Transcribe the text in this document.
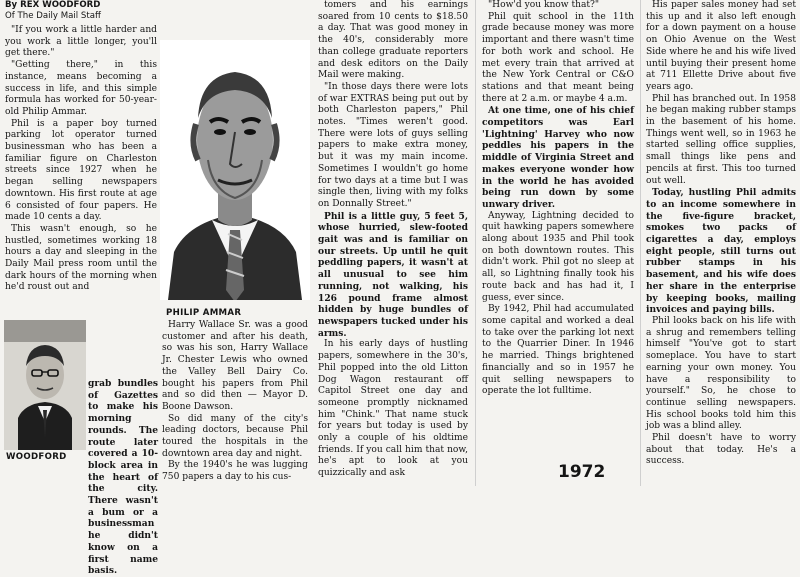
By REX WOODFORD
Of The Daily Mail Staff

"If you work a little harder and you work a little longer, you'll get there."

"Getting there," in this instance, means becoming a success in life, and this simple formula has worked for 50-year-old Philip Ammar.

Phil is a paper boy turned parking lot operator turned businessman who has been a familiar figure on Charleston streets since 1927 when he began selling newspapers downtown. His first route at age 6 consisted of four papers. He made 10 cents a day.

This wasn't enough, so he hustled, sometimes working 18 hours a day and sleeping in the Daily Mail press room until the dark hours of the morning when he'd roust out and

WOODFORD

grab bundles of Gazettes to make his morning rounds. The route later covered a 10-block area in the heart of the city. There wasn't a bum or a businessman he didn't know on a first name basis.

PHILIP AMMAR

Harry Wallace Sr. was a good customer and after his death, so was his son, Harry Wallace Jr. Chester Lewis who owned the Valley Bell Dairy Co. bought his papers from Phil and so did then — Mayor D. Boone Dawson.

So did many of the city's leading doctors, because Phil toured the hospitals in the downtown area day and night.

By the 1940's he was lugging 750 papers a day to his cus-

tomers and his earnings soared from 10 cents to $18.50 a day. That was good money in the 40's, considerably more than college graduate reporters and desk editors on the Daily Mail were making.

"In those days there were lots of war EXTRAS being put out by both Charleston papers," Phil notes. "Times weren't good. There were lots of guys selling papers to make extra money, but it was my main income. Sometimes I wouldn't go home for two days at a time but I was single then, living with my folks on Donnally Street."

Phil is a little guy, 5 feet 5, whose hurried, slew-footed gait was and is familiar on our streets. Up until he quit peddling papers, it wasn't at all unusual to see him running, not walking, his 126 pound frame almost hidden by huge bundles of newspapers tucked under his arms.

In his early days of hustling papers, somewhere in the 30's, Phil popped into the old Litton Dog Wagon restaurant off Capitol Street one day and someone promptly nicknamed him "Chink." That name stuck for years but today is used by only a couple of his oldtime friends. If you call him that now, he's apt to look at you quizzically and ask

"How'd you know that?"

Phil quit school in the 11th grade because money was more important and there wasn't time for both work and school. He met every train that arrived at the New York Central or C&O stations and that meant being there at 2 a.m. or maybe 4 a.m.

At one time, one of his chief competitors was Earl 'Lightning' Harvey who now peddles his papers in the middle of Virginia Street and makes everyone wonder how in the world he has avoided being run down by some unwary driver.

Anyway, Lightning decided to quit hawking papers somewhere along about 1935 and Phil took on both downtown routes. This didn't work. Phil got no sleep at all, so Lightning finally took his route back and has had it, I guess, ever since.

By 1942, Phil had accumulated some capital and worked a deal to take over the parking lot next to the Quarrier Diner. In 1946 he married. Things brightened financially and so in 1957 he quit selling newspapers to operate the lot fulltime.

1972

His paper sales money had set this up and it also left enough for a down payment on a house on Ohio Avenue on the West Side where he and his wife lived until buying their present home at 711 Ellette Drive about five years ago.

Phil has branched out. In 1958 he began making rubber stamps in the basement of his home. Things went well, so in 1963 he started selling office supplies, small things like pens and pencils at first. This too turned out well.

Today, hustling Phil admits to an income somewhere in the five-figure bracket, smokes two packs of cigarettes a day, employs eight people, still turns out rubber stamps in his basement, and his wife does her share in the enterprise by keeping books, mailing invoices and paying bills.

Phil looks back on his life with a shrug and remembers telling himself "You've got to start someplace. You have to start earning your own money. You have a responsibility to yourself." So, he chose to continue selling newspapers. His school books told him this job was a blind alley.

Phil doesn't have to worry about that today. He's a success.
